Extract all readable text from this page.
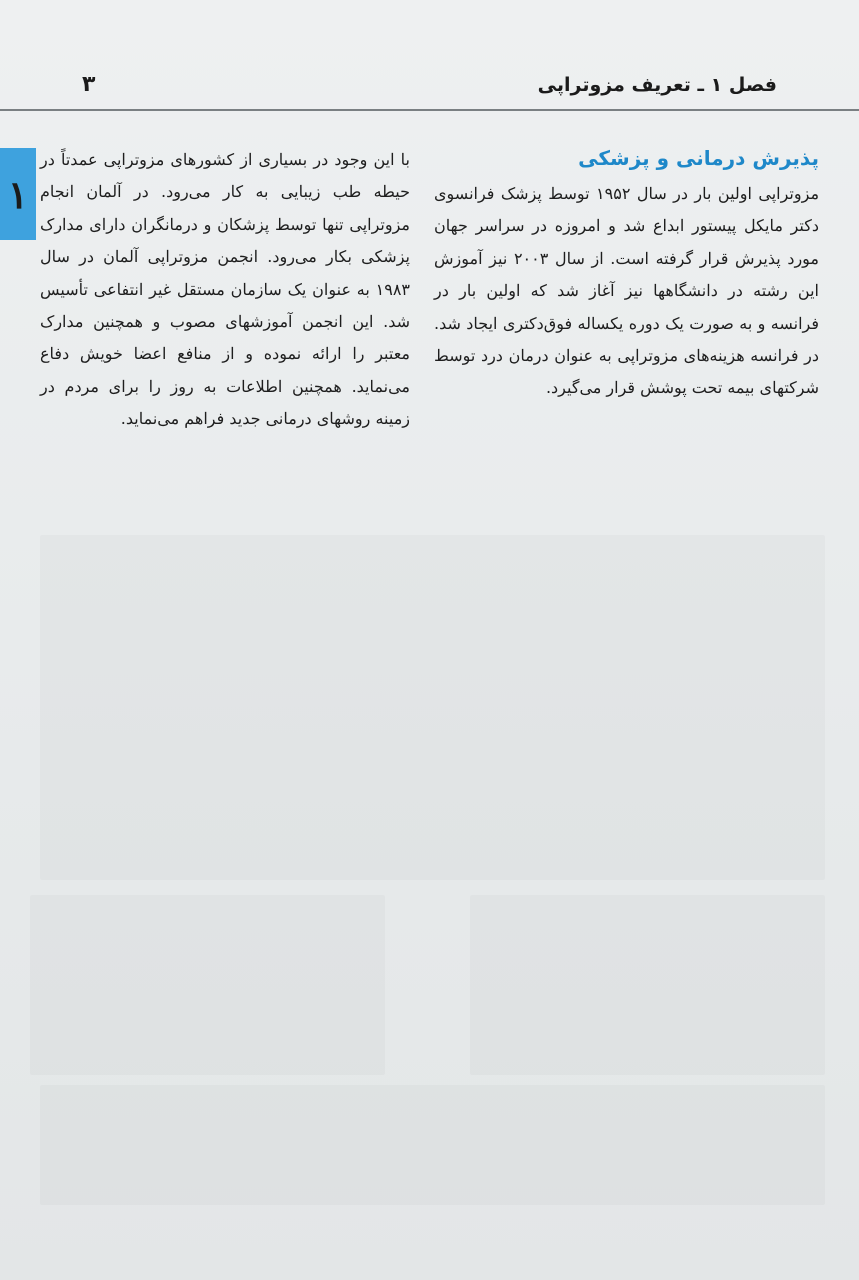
فصل ۱ ـ تعریف مزوتراپی
۳
۱
پذیرش درمانی و پزشکی

مزوتراپی اولین بار در سال ۱۹۵۲ توسط پزشک فرانسوی دکتر مایکل پیستور ابداع شد و امروزه در سراسر جهان مورد پذیرش قرار گرفته است. از سال ۲۰۰۳ نیز آموزش این رشته در دانشگاهها نیز آغاز شد که اولین بار در فرانسه و به صورت یک دوره یکساله فوق‌دکتری ایجاد شد. در فرانسه هزینه‌های مزوتراپی به عنوان درمان درد توسط شرکتهای بیمه تحت پوشش قرار می‌گیرد.

با این وجود در بسیاری از کشورهای مزوتراپی عمدتاً در حیطه طب زیبایی به کار می‌رود. در آلمان انجام مزوتراپی تنها توسط پزشکان و درمانگران دارای مدارک پزشکی بکار می‌رود. انجمن مزوتراپی آلمان در سال ۱۹۸۳ به عنوان یک سازمان مستقل غیر انتفاعی تأسیس شد. این انجمن آموزشهای مصوب و همچنین مدارک معتبر را ارائه نموده و از منافع اعضا خویش دفاع می‌نماید. همچنین اطلاعات به روز را برای مردم در زمینه روشهای درمانی جدید فراهم می‌نماید.
